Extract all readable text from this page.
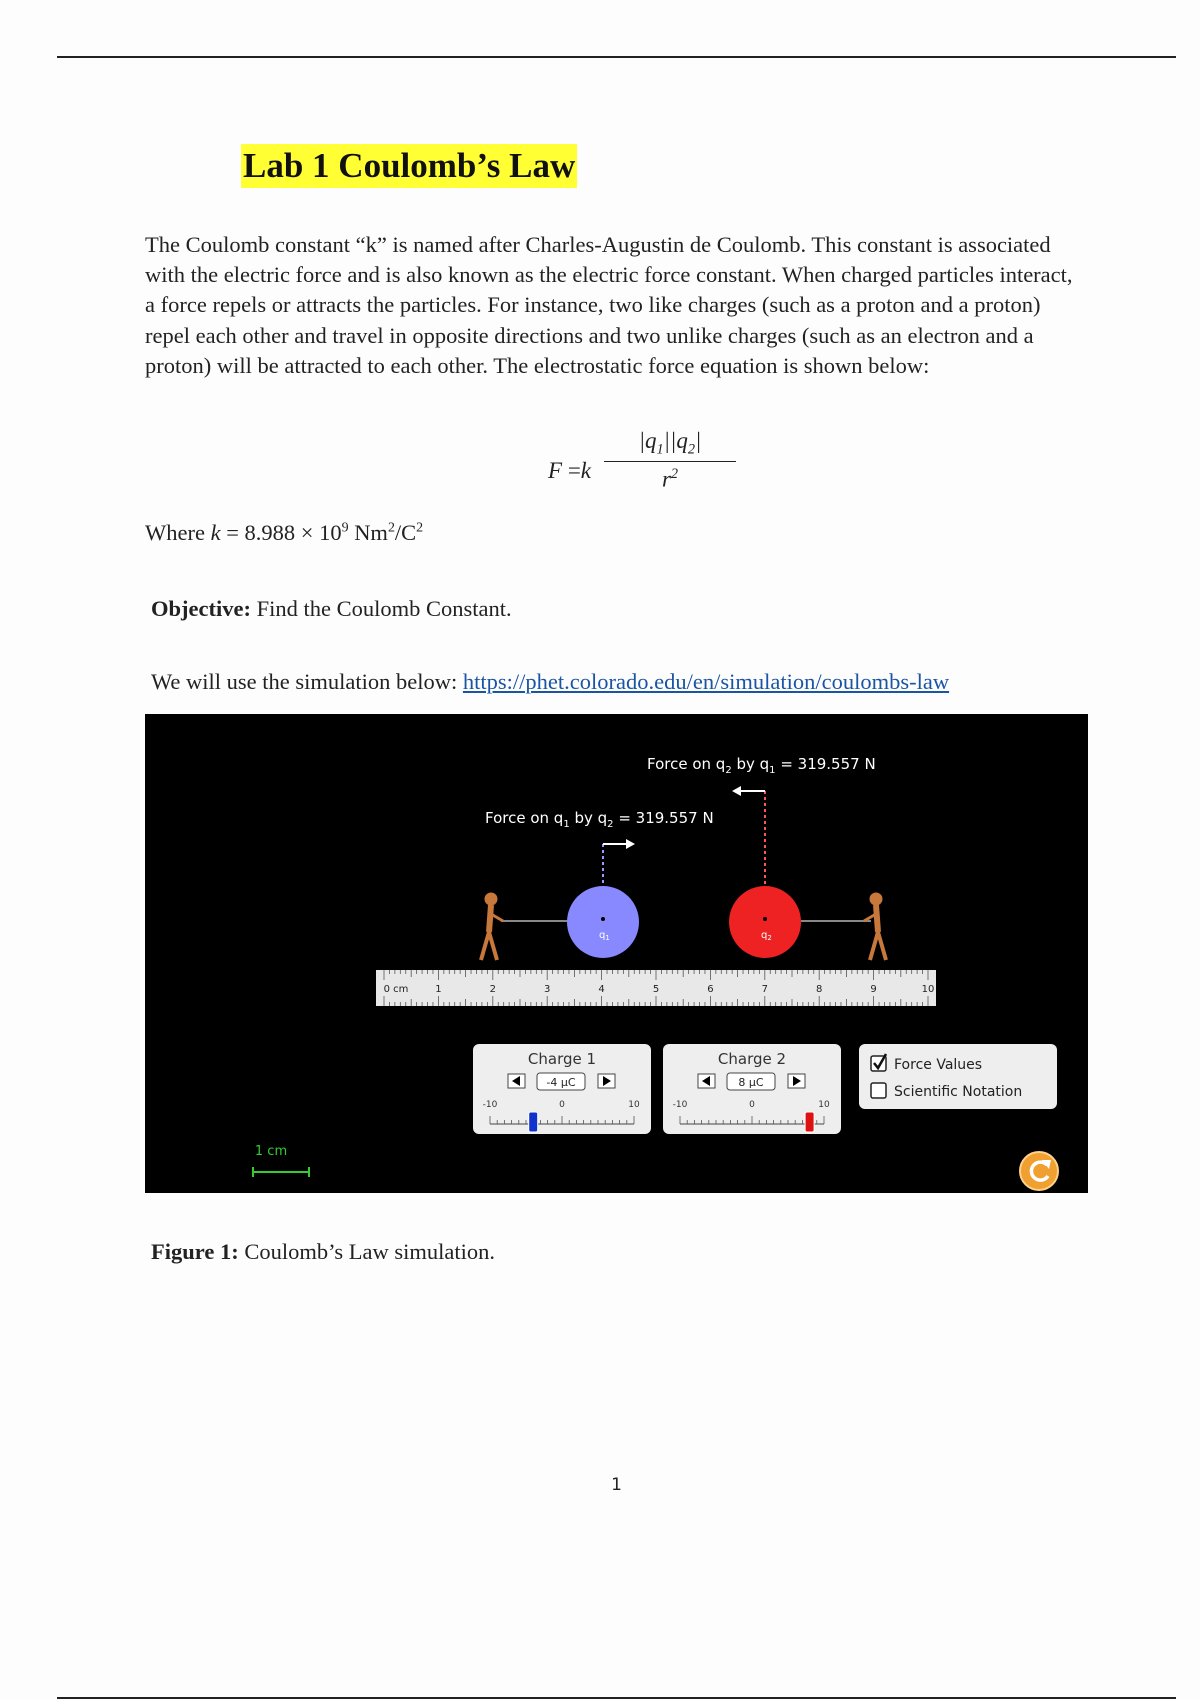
Lab 1 Coulomb’s Law

The Coulomb constant “k” is named after Charles-Augustin de Coulomb. This constant is associated with the electric force and is also known as the electric force constant. When charged particles interact, a force repels or attracts the particles. For instance, two like charges (such as a proton and a proton) repel each other and travel in opposite directions and two unlike charges (such as an electron and a proton) will be attracted to each other. The electrostatic force equation is shown below:

$F =k \frac{|q_1||q_2|}{r^2}$
Where $k = 8.988 \times 10^9$ $Nm^2/C^2$
Objective: Find the Coulomb Constant.
We will use the simulation below: https://phet.colorado.edu/en/simulation/coulombs-law
Force on $q_2$ by $q_1 = 319.557$ N
Force on $q_1$ by $q_2 = 319.557$ N
$q_1$	$q_2$
0 cm	1	2	3	4	5	6	7	8	9	10
Charge 1
-4 μC
-10	0	10
Charge 2
8 μC
-10	0	10
Force Values
Scientific Notation
1 cm
Figure 1: Coulomb’s Law simulation.
1
